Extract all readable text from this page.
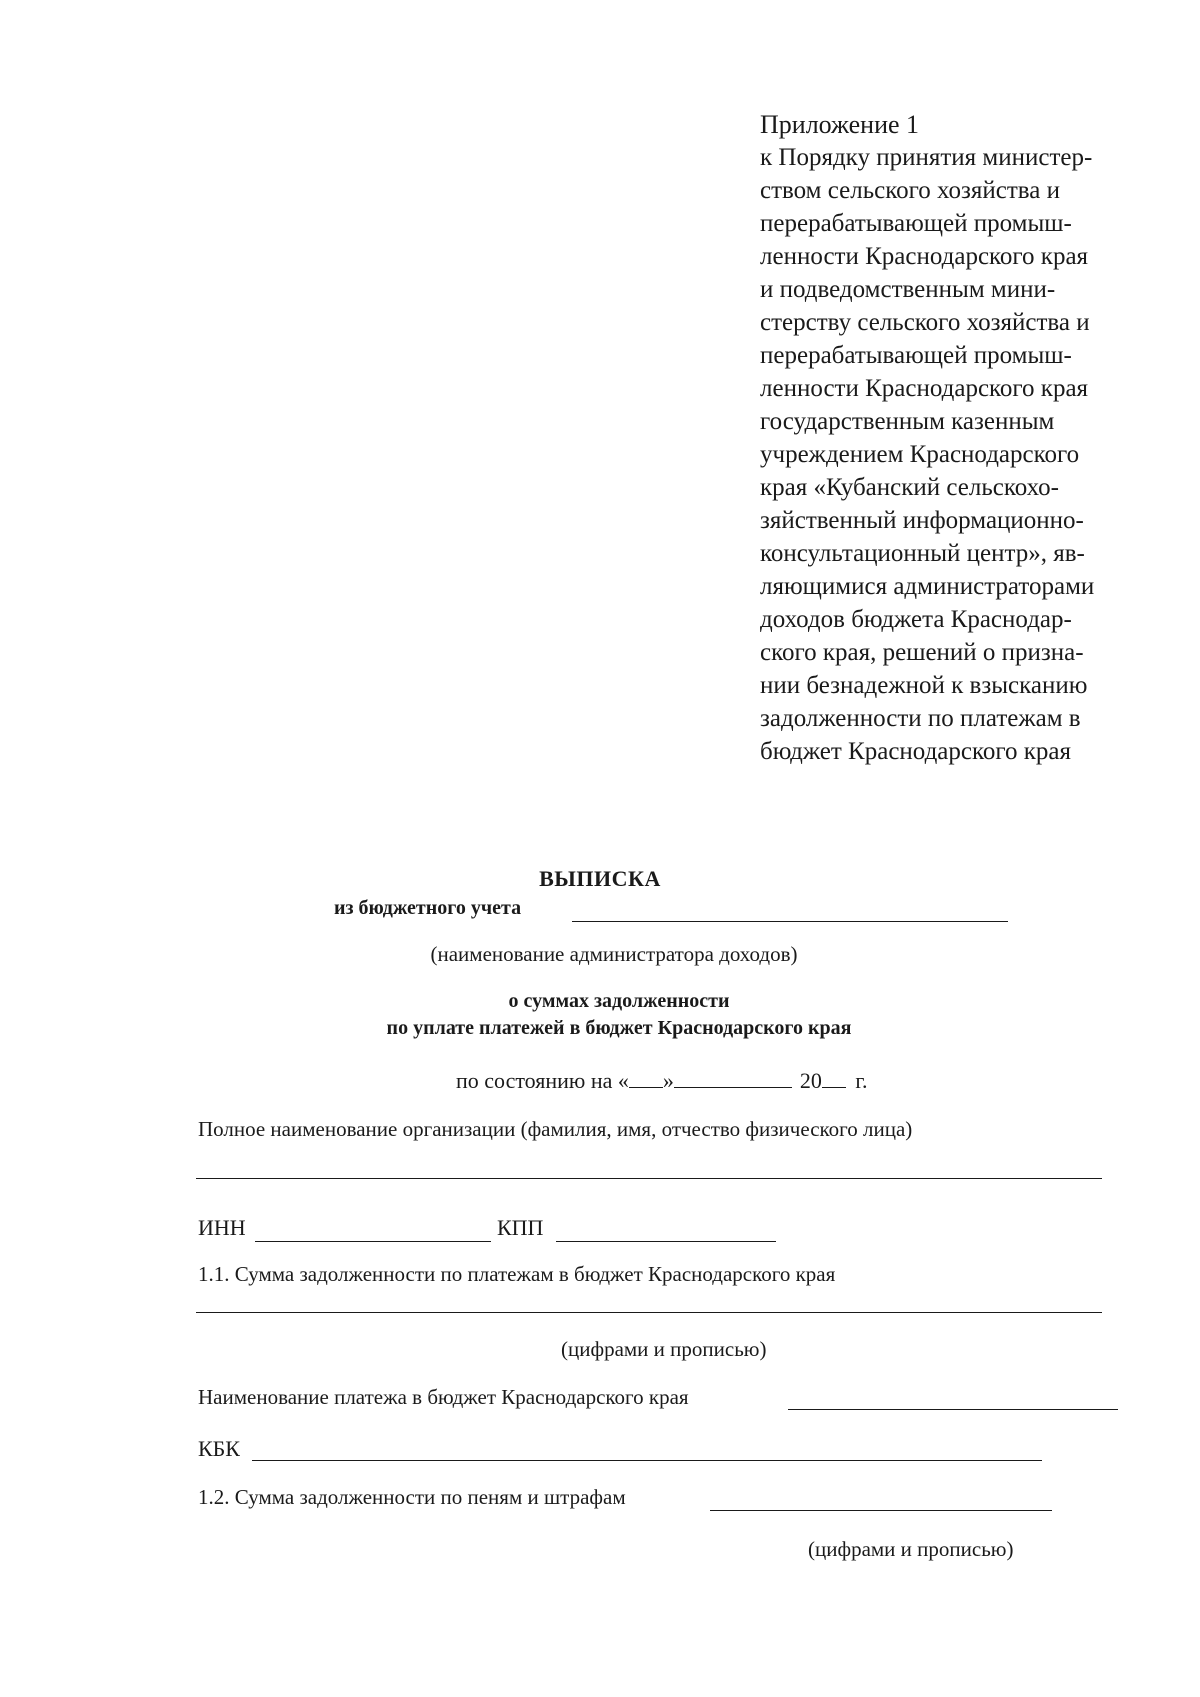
Приложение 1
к Порядку принятия министер-
ством сельского хозяйства и
перерабатывающей промыш-
ленности Краснодарского края
и подведомственным мини-
стерству сельского хозяйства и
перерабатывающей промыш-
ленности Краснодарского края
государственным казенным
учреждением Краснодарского
края «Кубанский сельскохо-
зяйственный информационно-
консультационный центр», яв-
ляющимися администраторами
доходов бюджета Краснодар-
ского края, решений о призна-
нии безнадежной к взысканию
задолженности по платежам в
бюджет Краснодарского края
ВЫПИСКА
из бюджетного учета
(наименование администратора доходов)
о суммах задолженности
по уплате платежей в бюджет Краснодарского края
по состоянию на « »	20 г.
Полное наименование организации (фамилия, имя, отчество физического лица)
ИНН	КПП
1.1. Сумма задолженности по платежам в бюджет Краснодарского края
(цифрами и прописью)
Наименование платежа в бюджет Краснодарского края
КБК
1.2. Сумма задолженности по пеням и штрафам
(цифрами и прописью)
